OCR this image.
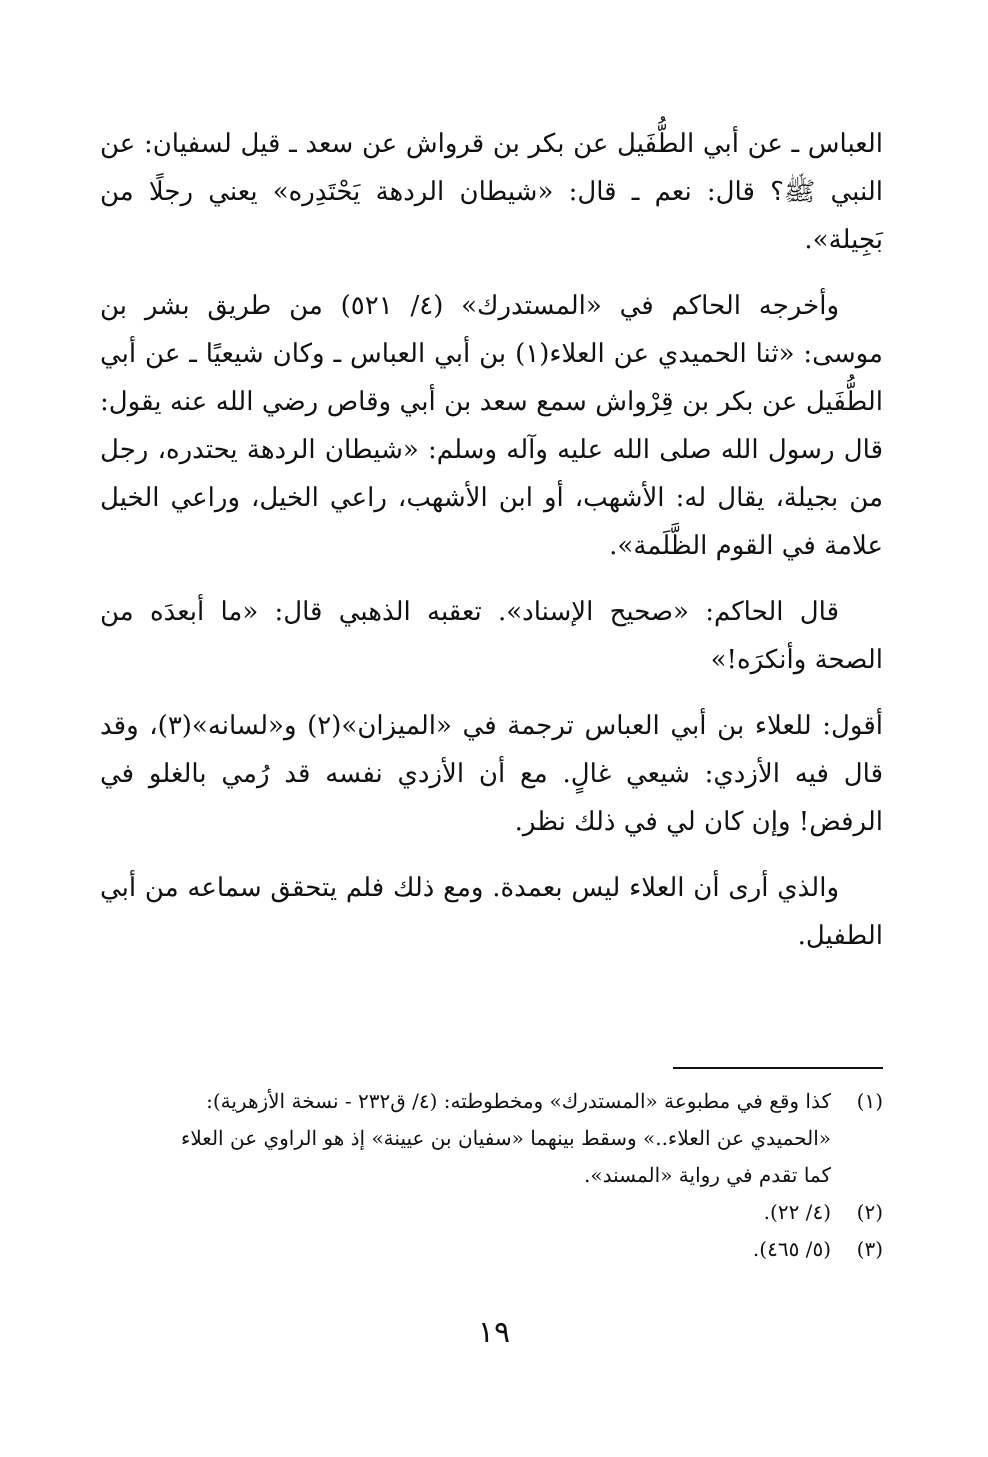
العباس ـ عن أبي الطُّفَيل عن بكر بن قرواش عن سعد ـ قيل لسفيان: عن النبي ﷺ؟ قال: نعم ـ قال: «شيطان الردهة يَحْتَدِره» يعني رجلًا من بَجِيلة».

وأخرجه الحاكم في «المستدرك» (٤/ ٥٢١) من طريق بشر بن موسى: «ثنا الحميدي عن العلاء(١) بن أبي العباس ـ وكان شيعيًا ـ عن أبي الطُّفَيل عن بكر بن قِرْواش سمع سعد بن أبي وقاص رضي الله عنه يقول: قال رسول الله صلى الله عليه وآله وسلم: «شيطان الردهة يحتدره، رجل من بجيلة، يقال له: الأشهب، أو ابن الأشهب، راعي الخيل، وراعي الخيل علامة في القوم الظَّلَمة».

قال الحاكم: «صحيح الإسناد». تعقبه الذهبي قال: «ما أبعدَه من الصحة وأنكرَه!»

أقول: للعلاء بن أبي العباس ترجمة في «الميزان»(٢) و«لسانه»(٣)، وقد قال فيه الأزدي: شيعي غالٍ. مع أن الأزدي نفسه قد رُمي بالغلو في الرفض! وإن كان لي في ذلك نظر.

والذي أرى أن العلاء ليس بعمدة. ومع ذلك فلم يتحقق سماعه من أبي الطفيل.

(١)كذا وقع في مطبوعة «المستدرك» ومخطوطته: (٤/ ق٢٣٢ - نسخة الأزهرية):

«الحميدي عن العلاء..» وسقط بينهما «سفيان بن عيينة» إذ هو الراوي عن العلاء

كما تقدم في رواية «المسند».

(٢)(٤/ ٢٢).

(٣)(٥/ ٤٦٥).

١٩
